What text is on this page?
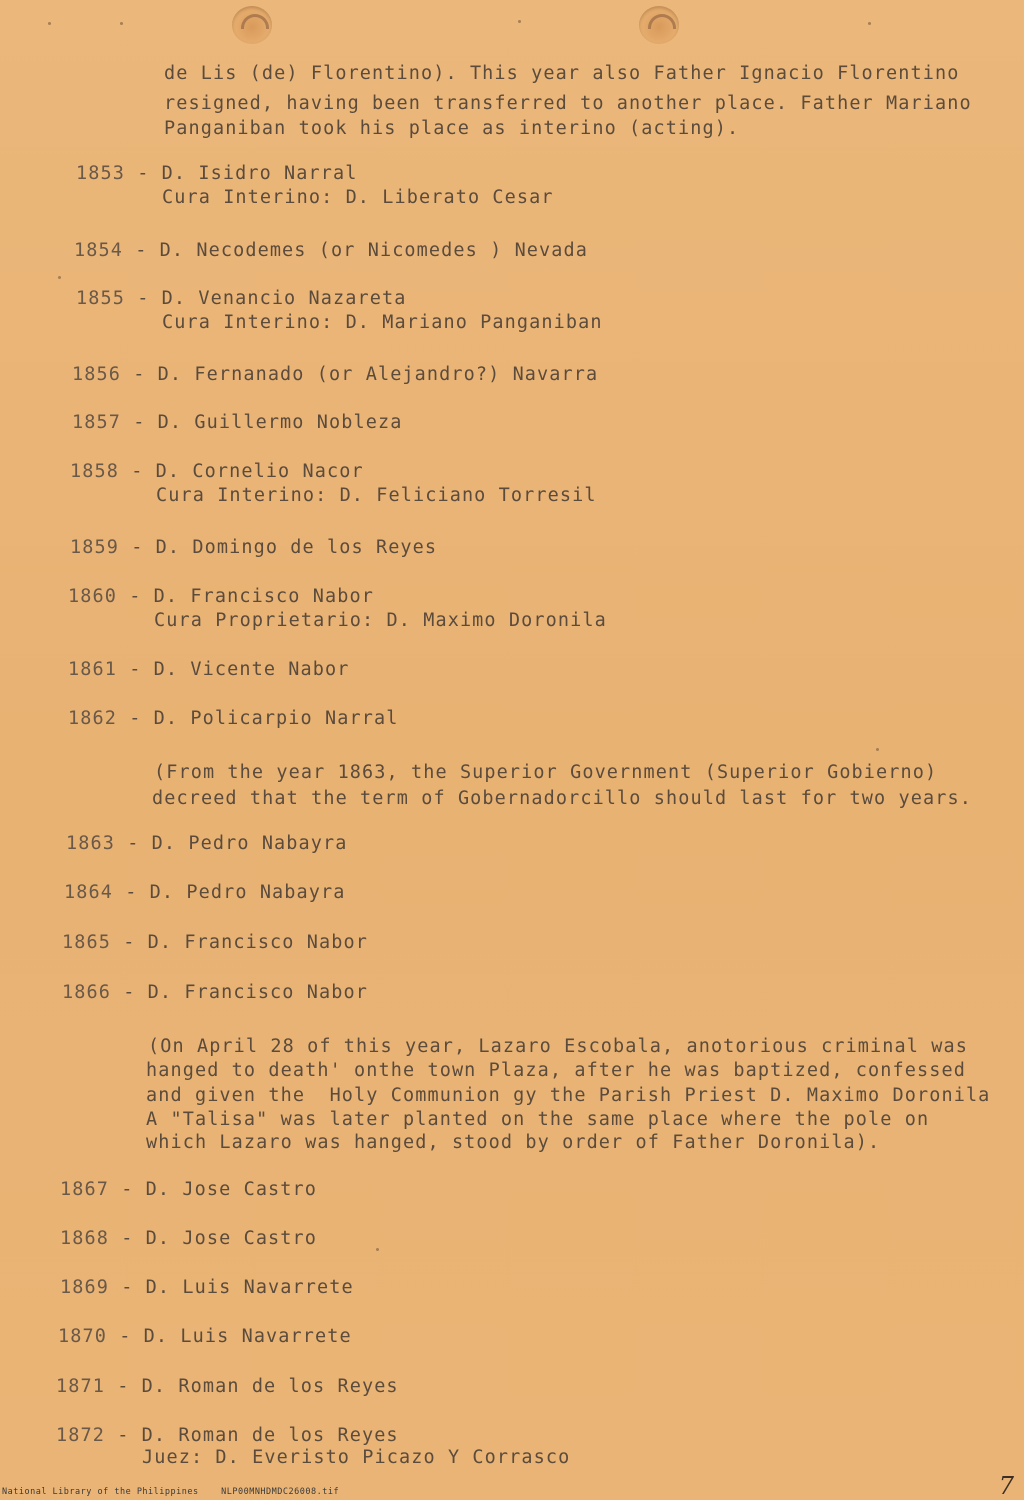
de Lis (de) Florentino). This year also Father Ignacio Florentino
resigned, having been transferred to another place. Father Mariano
Panganiban took his place as interino (acting).
1853 - D. Isidro Narral
Cura Interino: D. Liberato Cesar
1854 - D. Necodemes (or Nicomedes ) Nevada
1855 - D. Venancio Nazareta
Cura Interino: D. Mariano Panganiban
1856 - D. Fernanado (or Alejandro?) Navarra
1857 - D. Guillermo Nobleza
1858 - D. Cornelio Nacor
Cura Interino: D. Feliciano Torresil
1859 - D. Domingo de los Reyes
1860 - D. Francisco Nabor
Cura Proprietario: D. Maximo Doronila
1861 - D. Vicente Nabor
1862 - D. Policarpio Narral
(From the year 1863, the Superior Government (Superior Gobierno)
decreed that the term of Gobernadorcillo should last for two years.
1863 - D. Pedro Nabayra
1864 - D. Pedro Nabayra
1865 - D. Francisco Nabor
1866 - D. Francisco Nabor
(On April 28 of this year, Lazaro Escobala, anotorious criminal was
hanged to death' onthe town Plaza, after he was baptized, confessed
and given the  Holy Communion gy the Parish Priest D. Maximo Doronila
A "Talisa" was later planted on the same place where the pole on
which Lazaro was hanged, stood by order of Father Doronila).
1867 - D. Jose Castro
1868 - D. Jose Castro
1869 - D. Luis Navarrete
1870 - D. Luis Navarrete
1871 - D. Roman de los Reyes
1872 - D. Roman de los Reyes
Juez: D. Everisto Picazo Y Corrasco
National Library of the Philippines	NLP00MNHDMDC26008.tif	7
